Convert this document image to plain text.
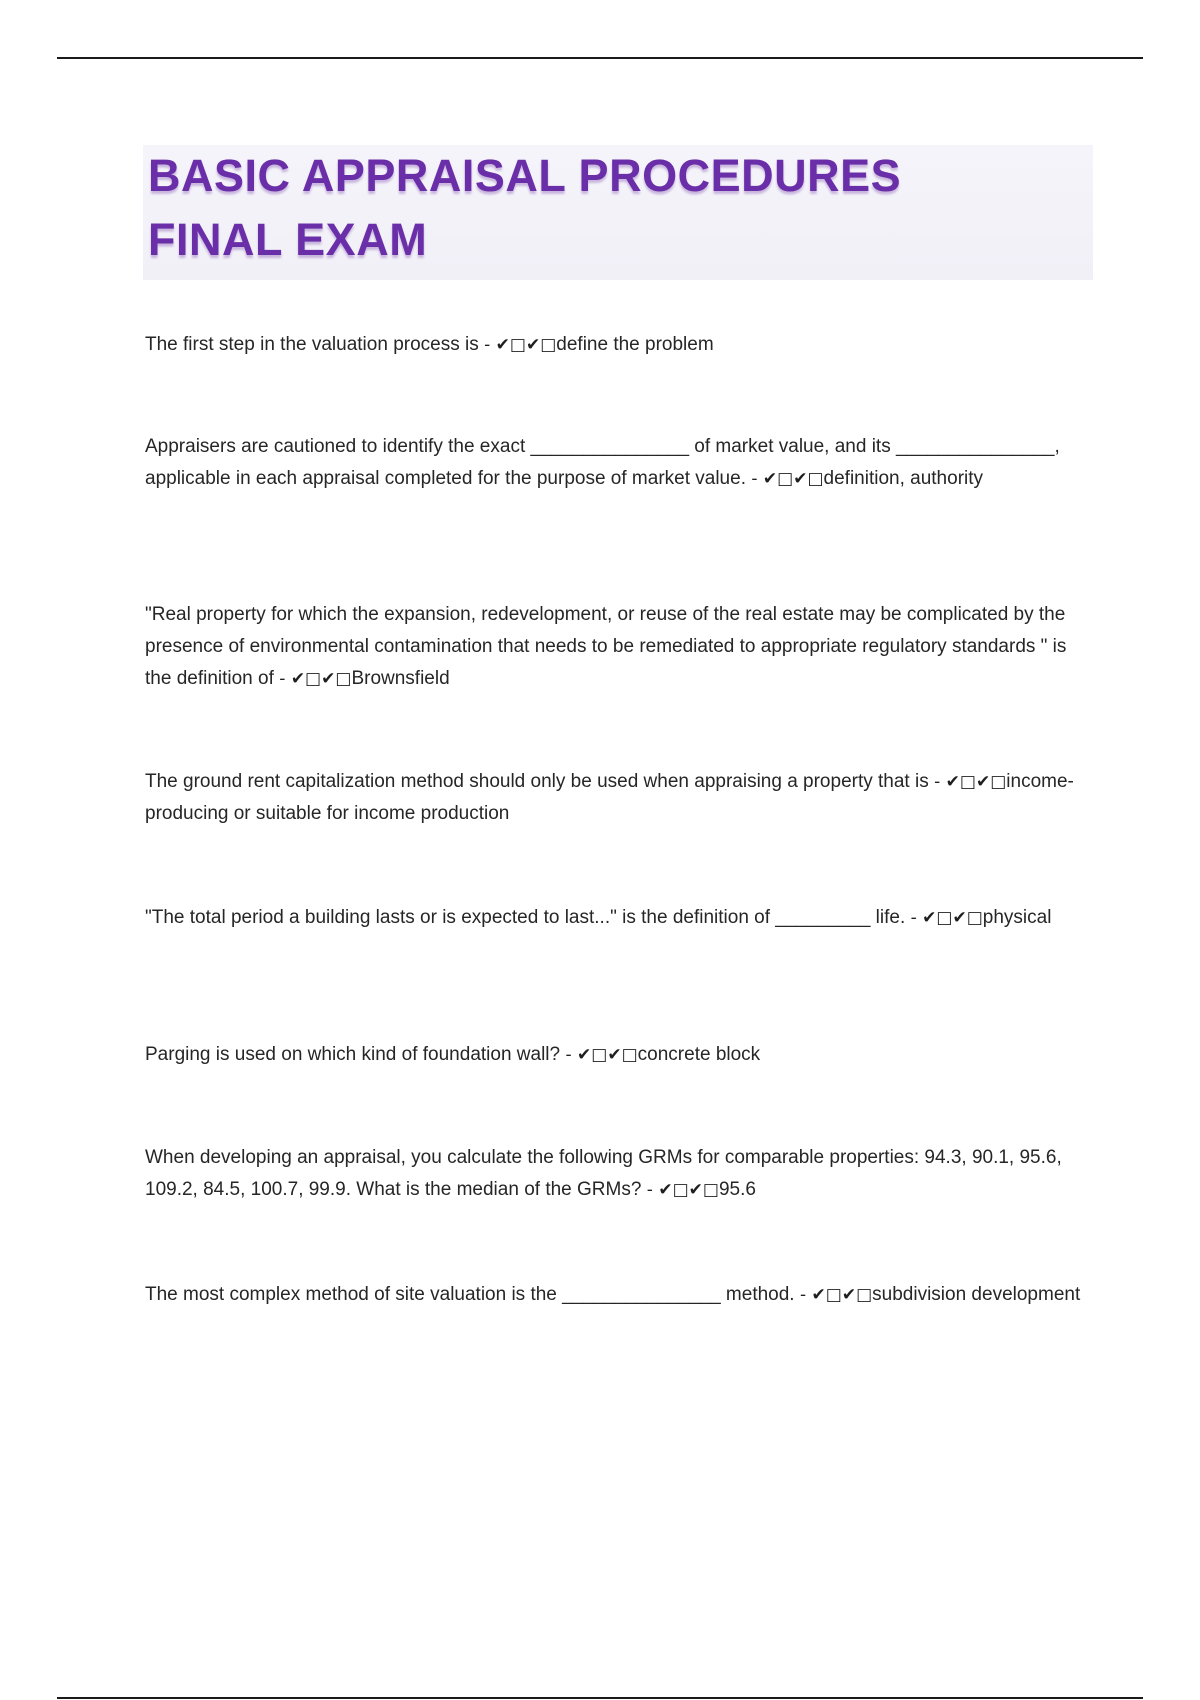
BASIC APPRAISAL PROCEDURES
FINAL EXAM

The first step in the valuation process is - ✔□✔□define the problem

Appraisers are cautioned to identify the exact _______________ of market value, and its _______________, applicable in each appraisal completed for the purpose of market value. - ✔□✔□definition, authority

"Real property for which the expansion, redevelopment, or reuse of the real estate may be complicated by the presence of environmental contamination that needs to be remediated to appropriate regulatory standards " is the definition of - ✔□✔□Brownsfield

The ground rent capitalization method should only be used when appraising a property that is - ✔□✔□income-producing or suitable for income production

"The total period a building lasts or is expected to last..." is the definition of _________ life. - ✔□✔□physical

Parging is used on which kind of foundation wall? - ✔□✔□concrete block

When developing an appraisal, you calculate the following GRMs for comparable properties: 94.3, 90.1, 95.6, 109.2, 84.5, 100.7, 99.9. What is the median of the GRMs? - ✔□✔□95.6

The most complex method of site valuation is the _______________ method. - ✔□✔□subdivision development
